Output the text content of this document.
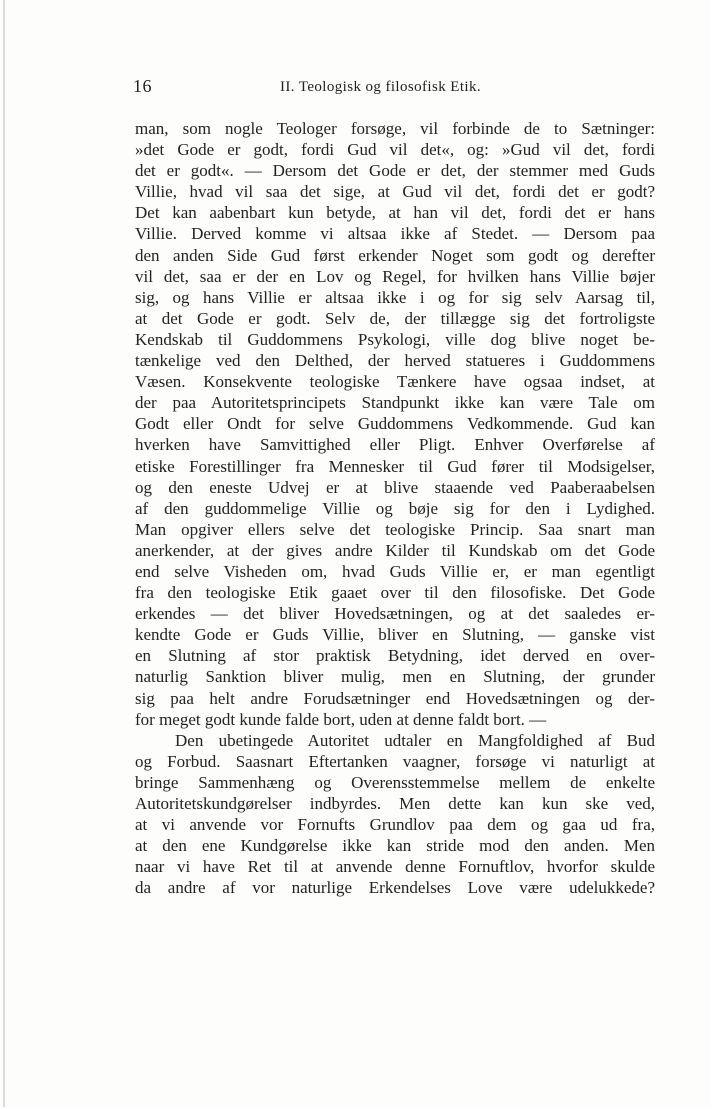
16	II. Teologisk og filosofisk Etik.
man, som nogle Teologer forsøge, vil forbinde de to Sætninger:
»det Gode er godt, fordi Gud vil det«, og: »Gud vil det, fordi
det er godt«. — Dersom det Gode er det, der stemmer med Guds
Villie, hvad vil saa det sige, at Gud vil det, fordi det er godt?
Det kan aabenbart kun betyde, at han vil det, fordi det er hans
Villie. Derved komme vi altsaa ikke af Stedet. — Dersom paa
den anden Side Gud først erkender Noget som godt og derefter
vil det, saa er der en Lov og Regel, for hvilken hans Villie bøjer
sig, og hans Villie er altsaa ikke i og for sig selv Aarsag til,
at det Gode er godt. Selv de, der tillægge sig det fortroligste
Kendskab til Guddommens Psykologi, ville dog blive noget be-
tænkelige ved den Delthed, der herved statueres i Guddommens
Væsen. Konsekvente teologiske Tænkere have ogsaa indset, at
der paa Autoritetsprincipets Standpunkt ikke kan være Tale om
Godt eller Ondt for selve Guddommens Vedkommende. Gud kan
hverken have Samvittighed eller Pligt. Enhver Overførelse af
etiske Forestillinger fra Mennesker til Gud fører til Modsigelser,
og den eneste Udvej er at blive staaende ved Paaberaabelsen
af den guddommelige Villie og bøje sig for den i Lydighed.
Man opgiver ellers selve det teologiske Princip. Saa snart man
anerkender, at der gives andre Kilder til Kundskab om det Gode
end selve Visheden om, hvad Guds Villie er, er man egentligt
fra den teologiske Etik gaaet over til den filosofiske. Det Gode
erkendes — det bliver Hovedsætningen, og at det saaledes er-
kendte Gode er Guds Villie, bliver en Slutning, — ganske vist
en Slutning af stor praktisk Betydning, idet derved en over-
naturlig Sanktion bliver mulig, men en Slutning, der grunder
sig paa helt andre Forudsætninger end Hovedsætningen og der-
for meget godt kunde falde bort, uden at denne faldt bort. —
Den ubetingede Autoritet udtaler en Mangfoldighed af Bud
og Forbud. Saasnart Eftertanken vaagner, forsøge vi naturligt at
bringe Sammenhæng og Overensstemmelse mellem de enkelte
Autoritetskundgørelser indbyrdes. Men dette kan kun ske ved,
at vi anvende vor Fornufts Grundlov paa dem og gaa ud fra,
at den ene Kundgørelse ikke kan stride mod den anden. Men
naar vi have Ret til at anvende denne Fornuftlov, hvorfor skulde
da andre af vor naturlige Erkendelses Love være udelukkede?
